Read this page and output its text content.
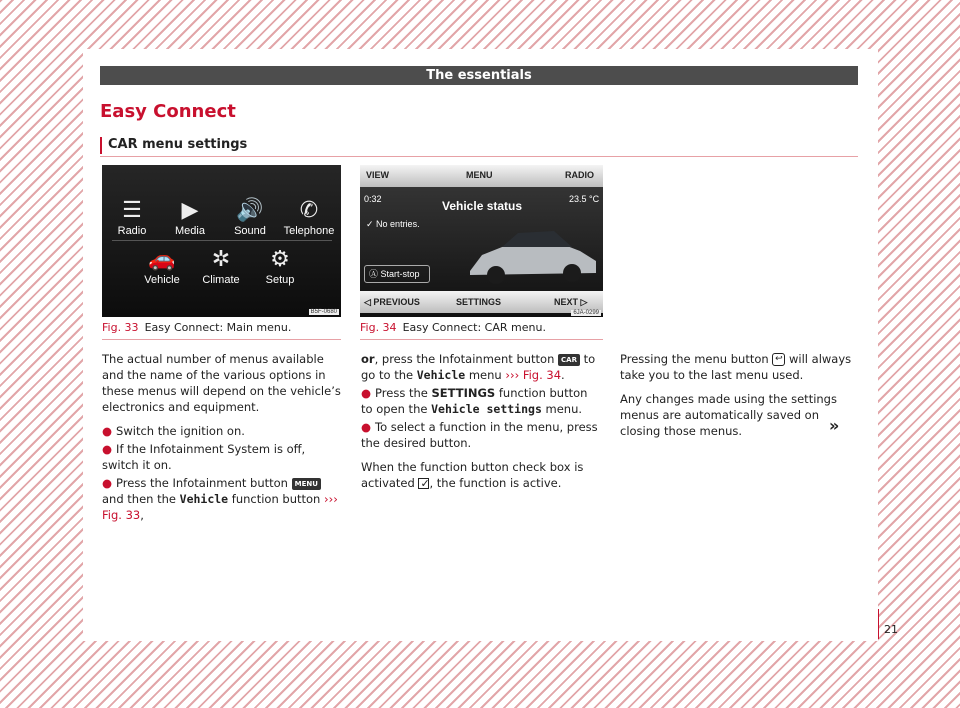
The essentials
Easy Connect
CAR menu settings
☰
Radio
▶
Media
🔊
Sound
✆
Telephone
🚗
Vehicle
✲
Climate
⚙
Setup
B5F-0680
Fig. 33 Easy Connect: Main menu.
VIEW	MENU	RADIO
0:32	Vehicle status	23.5 °C
✓ No entries.
Ⓐ Start-stop
◁ PREVIOUS	SETTINGS	NEXT ▷
6JA-0299
Fig. 34 Easy Connect: CAR menu.

The actual number of menus available and the name of the various options in these menus will depend on the vehicle’s electronics and equipment.

● Switch the ignition on.

● If the Infotainment System is off, switch it on.

● Press the Infotainment button MENU and then the Vehicle function button ››› Fig. 33,

or, press the Infotainment button CAR to go to the Vehicle menu ››› Fig. 34.

● Press the SETTINGS function button to open the Vehicle settings menu.

● To select a function in the menu, press the desired button.

When the function button check box is activated ✓ , the function is active.

Pressing the menu button ↩ will always take you to the last menu used.

Any changes made using the settings menus are automatically saved on closing those menus.	»
21
